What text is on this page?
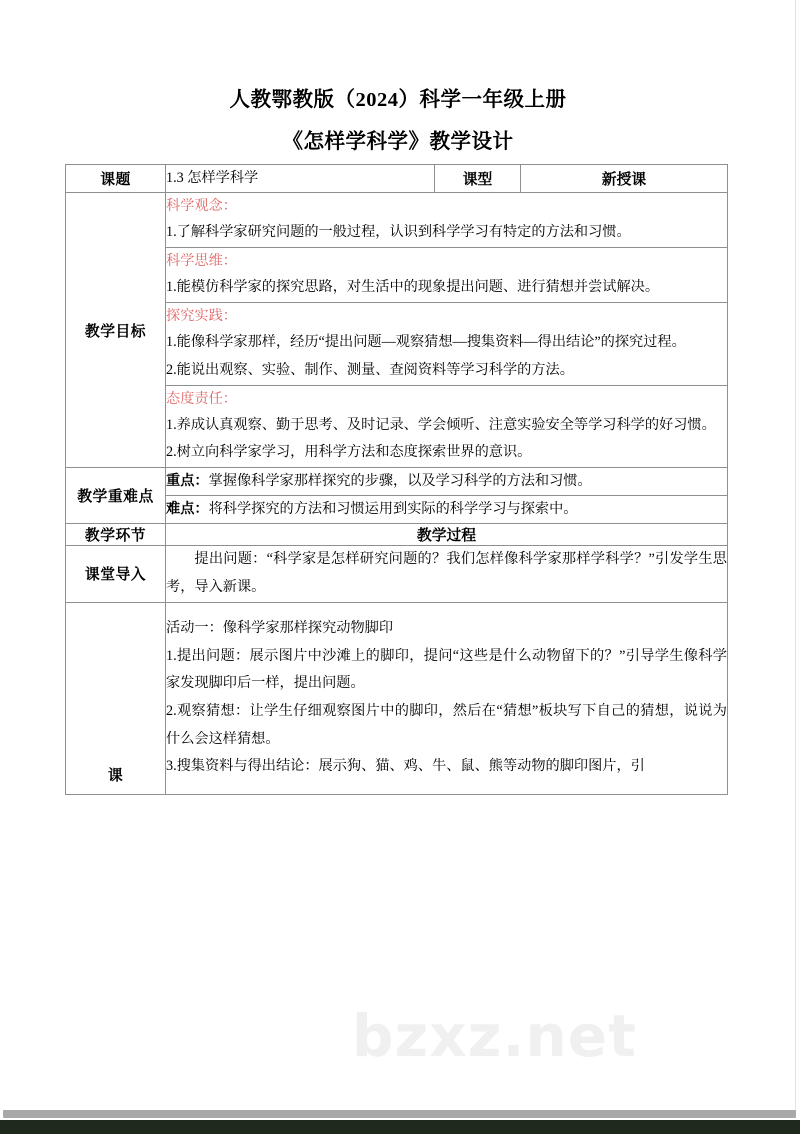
人教鄂教版（2024）科学一年级上册
《怎样学科学》教学设计
课题	1.3 怎样学科学	课型	新授课
教学目标	科学观念：
1.了解科学家研究问题的一般过程，认识到科学学习有特定的方法和习惯。		

	科学思维：
1.能模仿科学家的探究思路，对生活中的现象提出问题、进行猜想并尝试解决。		

	探究实践：
1.能像科学家那样，经历“提出问题—观察猜想—搜集资料—得出结论”的探究过程。
2.能说出观察、实验、制作、测量、查阅资料等学习科学的方法。		

	态度责任：
1.养成认真观察、勤于思考、及时记录、学会倾听、注意实验安全等学习科学的好习惯。
2.树立向科学家学习，用科学方法和态度探索世界的意识。		

教学重难点	重点：掌握像科学家那样探究的步骤，以及学习科学的方法和习惯。		
	难点：将科学探究的方法和习惯运用到实际的科学学习与探索中。		
教学环节	教学过程		
课堂导入	提出问题：“科学家是怎样研究问题的？我们怎样像科学家那样学科学？”引发学生思考，导入新课。		

课	活动一：像科学家那样探究动物脚印
1.提出问题：展示图片中沙滩上的脚印，提问“这些是什么动物留下的？”引导学生像科学家发现脚印后一样，提出问题。
2.观察猜想：让学生仔细观察图片中的脚印，然后在“猜想”板块写下自己的猜想，说说为什么会这样猜想。
3.搜集资料与得出结论：展示狗、猫、鸡、牛、鼠、熊等动物的脚印图片，引		
bzxz.net
